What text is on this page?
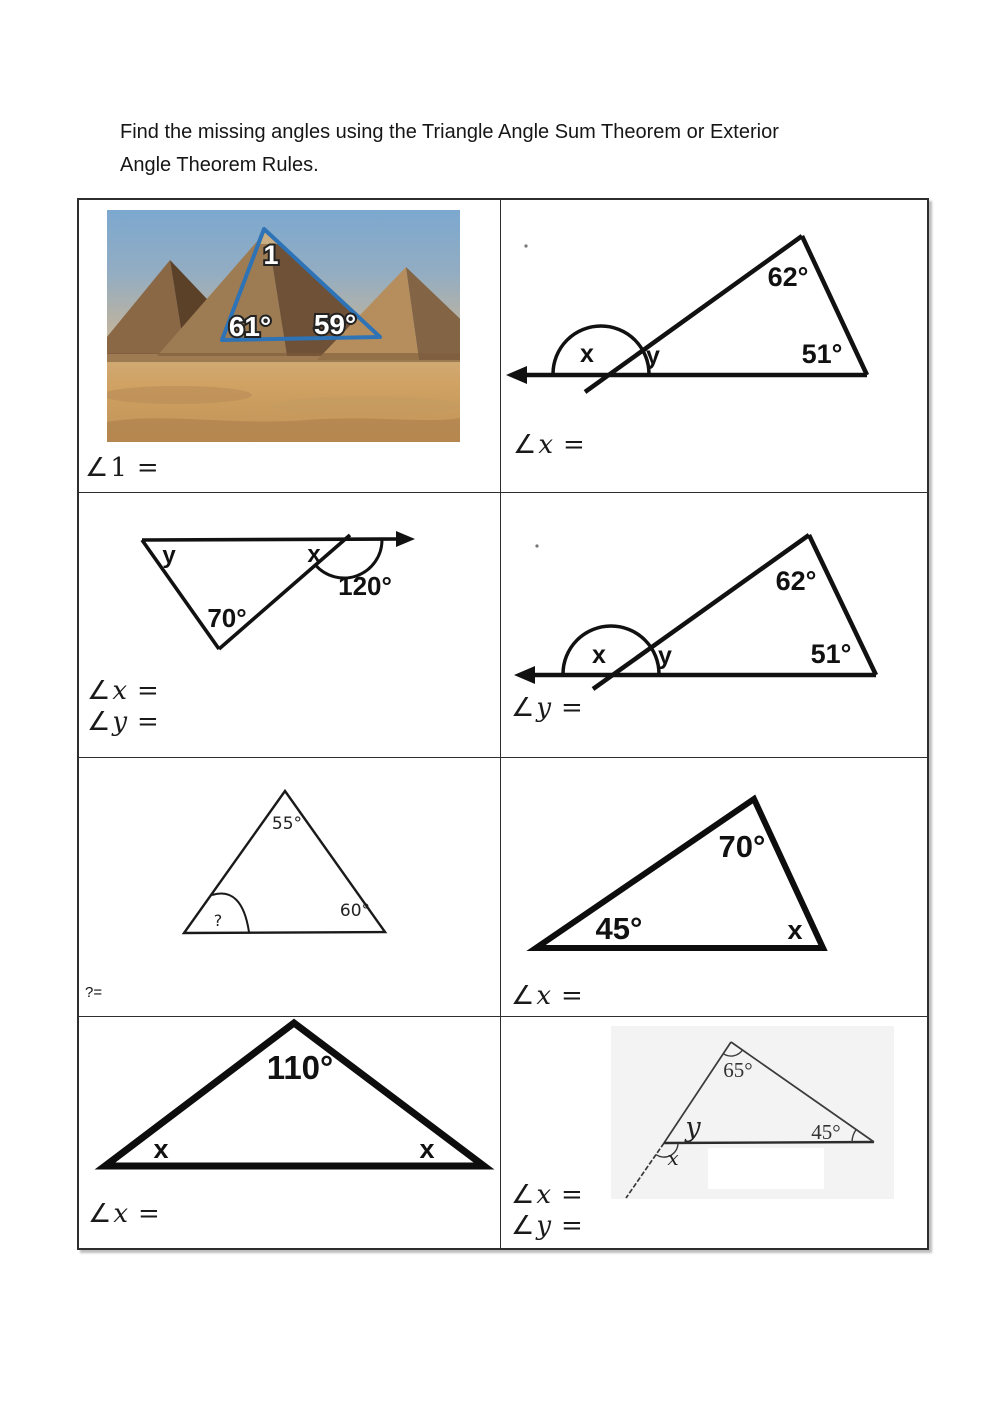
Find the missing angles using the Triangle Angle Sum Theorem or Exterior
Angle Theorem Rules.
1
61° 59°
∠1 =
62°
51°
x y
∠x =
y	x
120°
70°
∠x =
∠y =
62°
51°
x y
∠y =
55°
60°
?
?=
70°
45°	x
∠x =
110°
x	x
∠x =
65°
45°
y
x
∠x =
∠y =
